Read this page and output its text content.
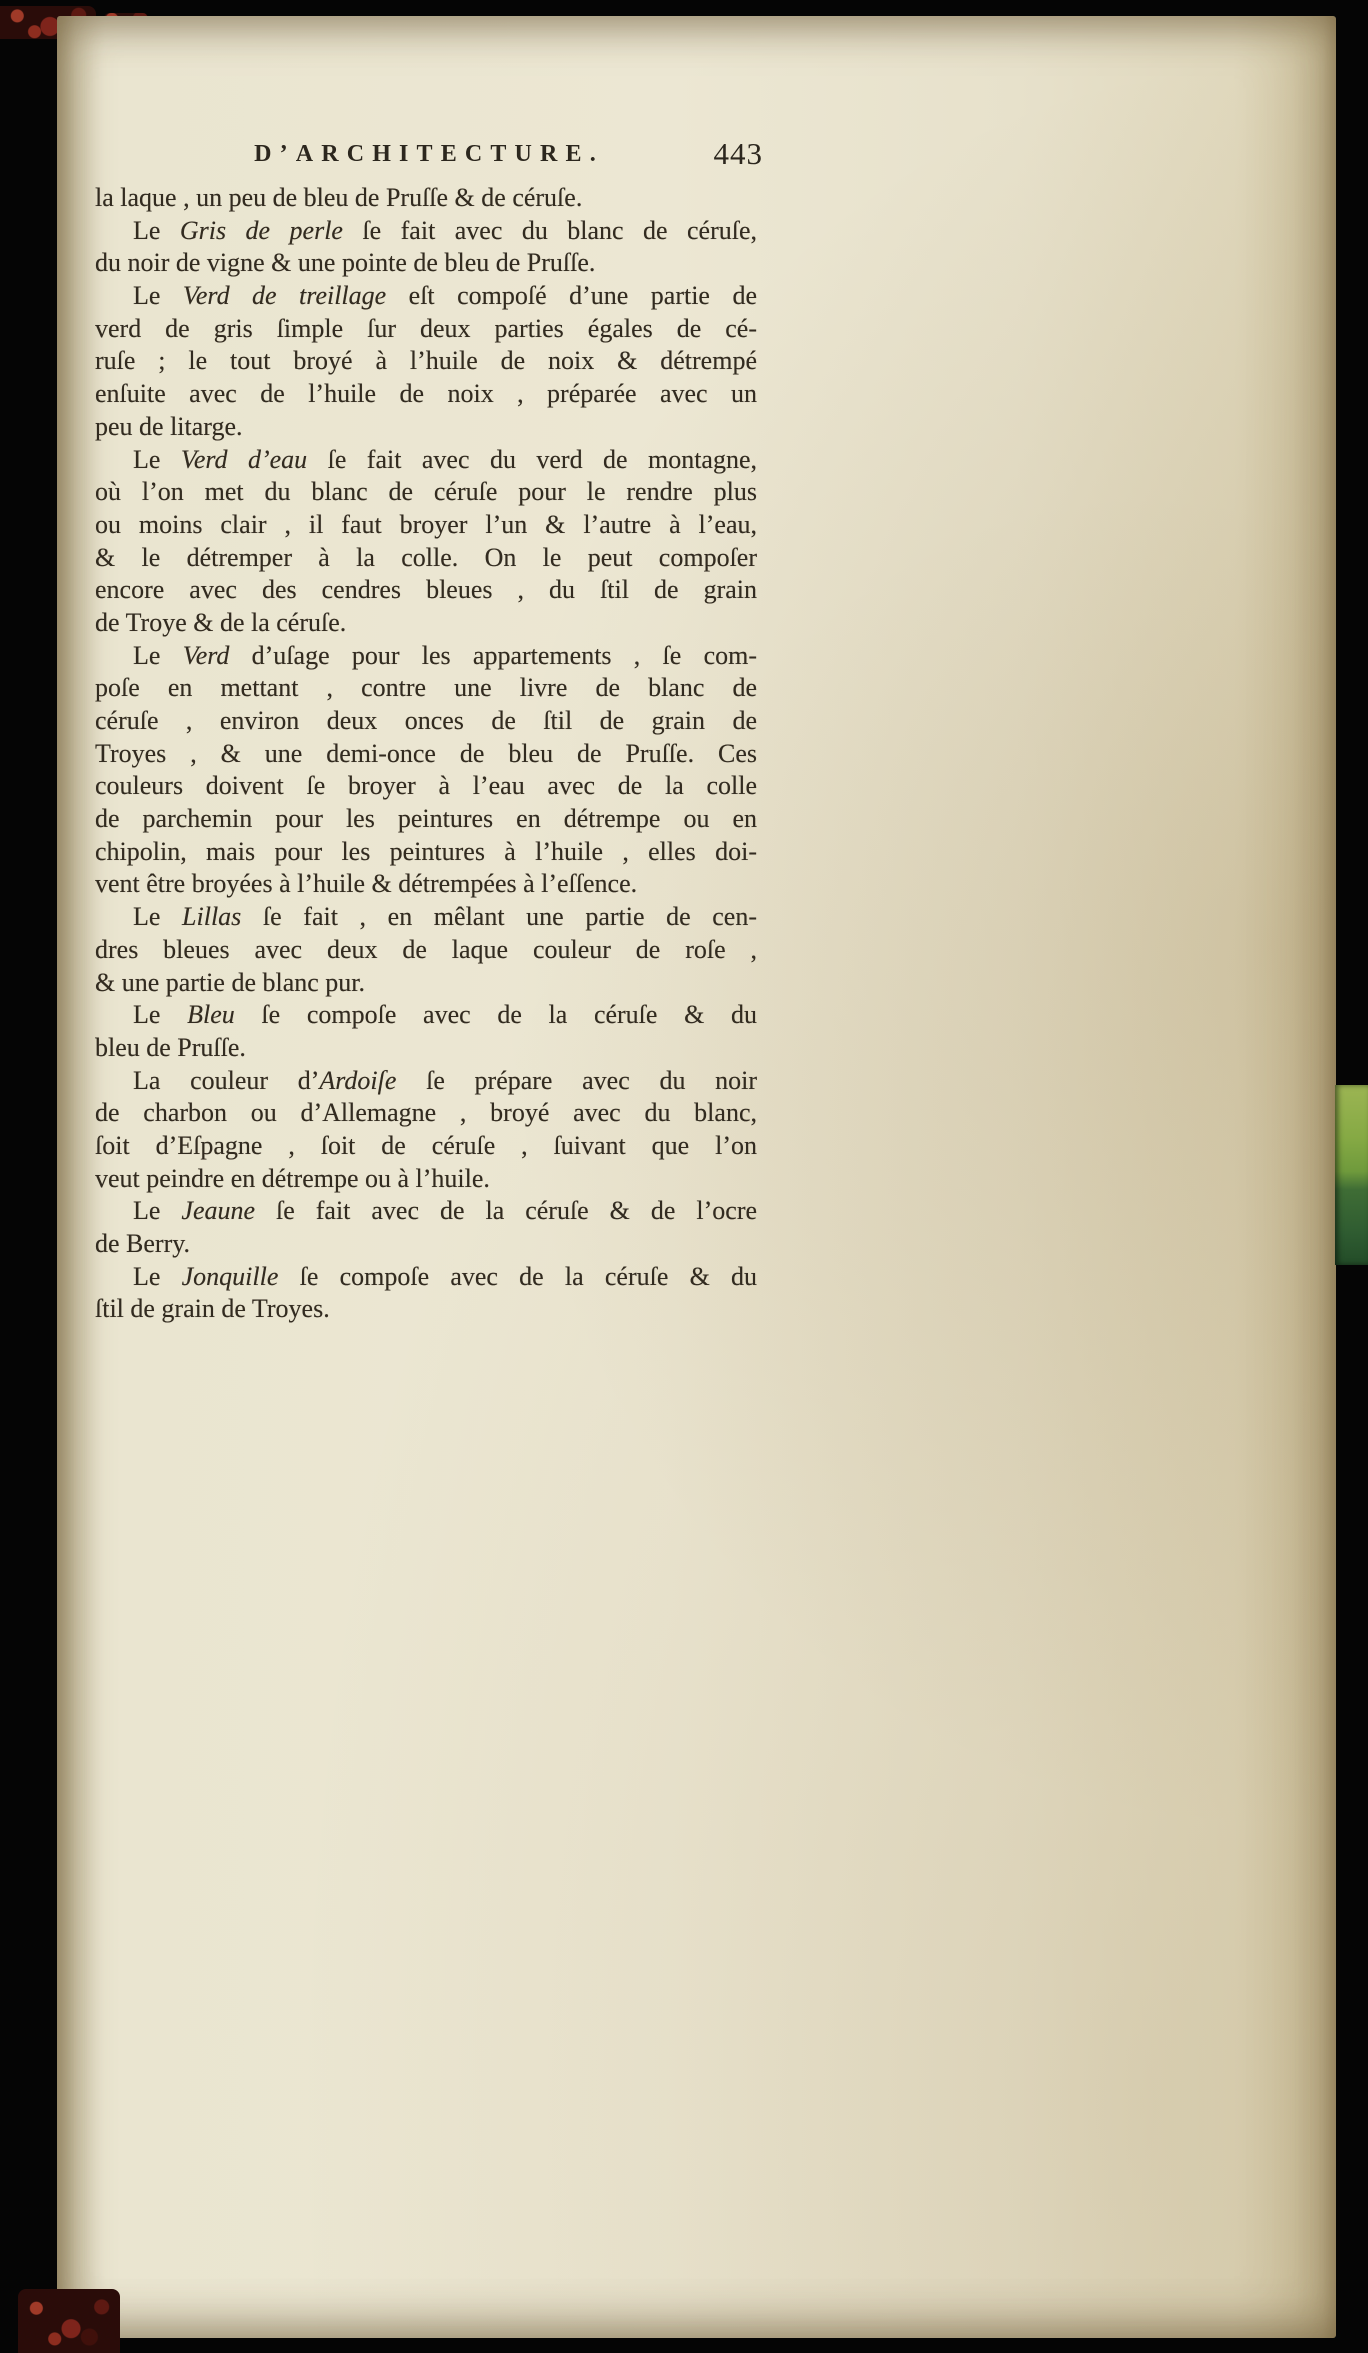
D’ARCHITECTURE.	443
la laque , un peu de bleu de Pruſſe & de céruſe.
Le Gris de perle ſe fait avec du blanc de céruſe,
du noir de vigne & une pointe de bleu de Pruſſe.
Le Verd de treillage eſt compoſé d’une partie de
verd de gris ſimple ſur deux parties égales de cé-
ruſe ; le tout broyé à l’huile de noix & détrempé
enſuite avec de l’huile de noix , préparée avec un
peu de litarge.
Le Verd d’eau ſe fait avec du verd de montagne,
où l’on met du blanc de céruſe pour le rendre plus
ou moins clair , il faut broyer l’un & l’autre à l’eau,
& le détremper à la colle. On le peut compoſer
encore avec des cendres bleues , du ſtil de grain
de Troye & de la céruſe.
Le Verd d’uſage pour les appartements , ſe com-
poſe en mettant , contre une livre de blanc de
céruſe , environ deux onces de ſtil de grain de
Troyes , & une demi-once de bleu de Pruſſe. Ces
couleurs doivent ſe broyer à l’eau avec de la colle
de parchemin pour les peintures en détrempe ou en
chipolin, mais pour les peintures à l’huile , elles doi-
vent être broyées à l’huile & détrempées à l’eſſence.
Le Lillas ſe fait , en mêlant une partie de cen-
dres bleues avec deux de laque couleur de roſe ,
& une partie de blanc pur.
Le Bleu ſe compoſe avec de la céruſe & du
bleu de Pruſſe.
La couleur d’Ardoiſe ſe prépare avec du noir
de charbon ou d’Allemagne , broyé avec du blanc,
ſoit d’Eſpagne , ſoit de céruſe , ſuivant que l’on
veut peindre en détrempe ou à l’huile.
Le Jeaune ſe fait avec de la céruſe & de l’ocre
de Berry.
Le Jonquille ſe compoſe avec de la céruſe & du
ſtil de grain de Troyes.
